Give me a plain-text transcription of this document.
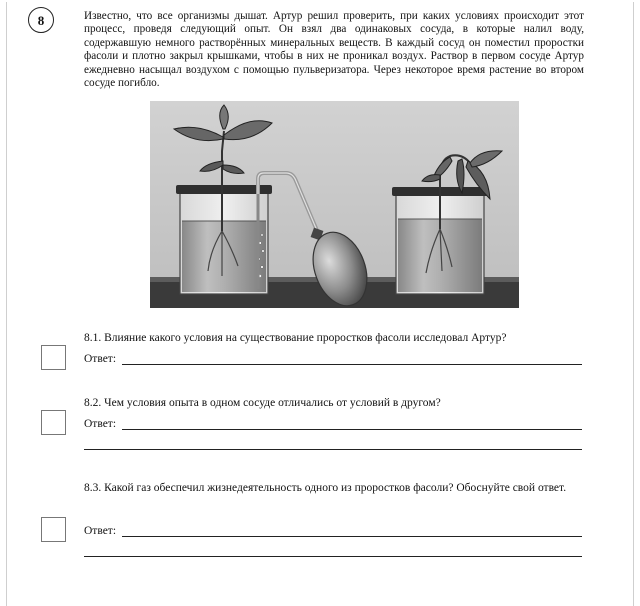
8	Известно, что все организмы дышат. Артур решил проверить, при каких условиях происходит этот процесс, проведя следующий опыт. Он взял два одинаковых сосуда, в которые налил воду, содержавшую немного растворённых минеральных веществ. В каждый сосуд он поместил проростки фасоли и плотно закрыл крышками, чтобы в них не проникал воздух. Раствор в первом сосуде Артур ежедневно насыщал воздухом с помощью пульверизатора. Через некоторое время растение во втором сосуде погибло.
8.1. Влияние какого условия на существование проростков фасоли исследовал Артур?
Ответ:
8.2. Чем условия опыта в одном сосуде отличались от условий в другом?
Ответ:
8.3. Какой газ обеспечил жизнедеятельность одного из проростков фасоли? Обоснуйте свой ответ.
Ответ:
